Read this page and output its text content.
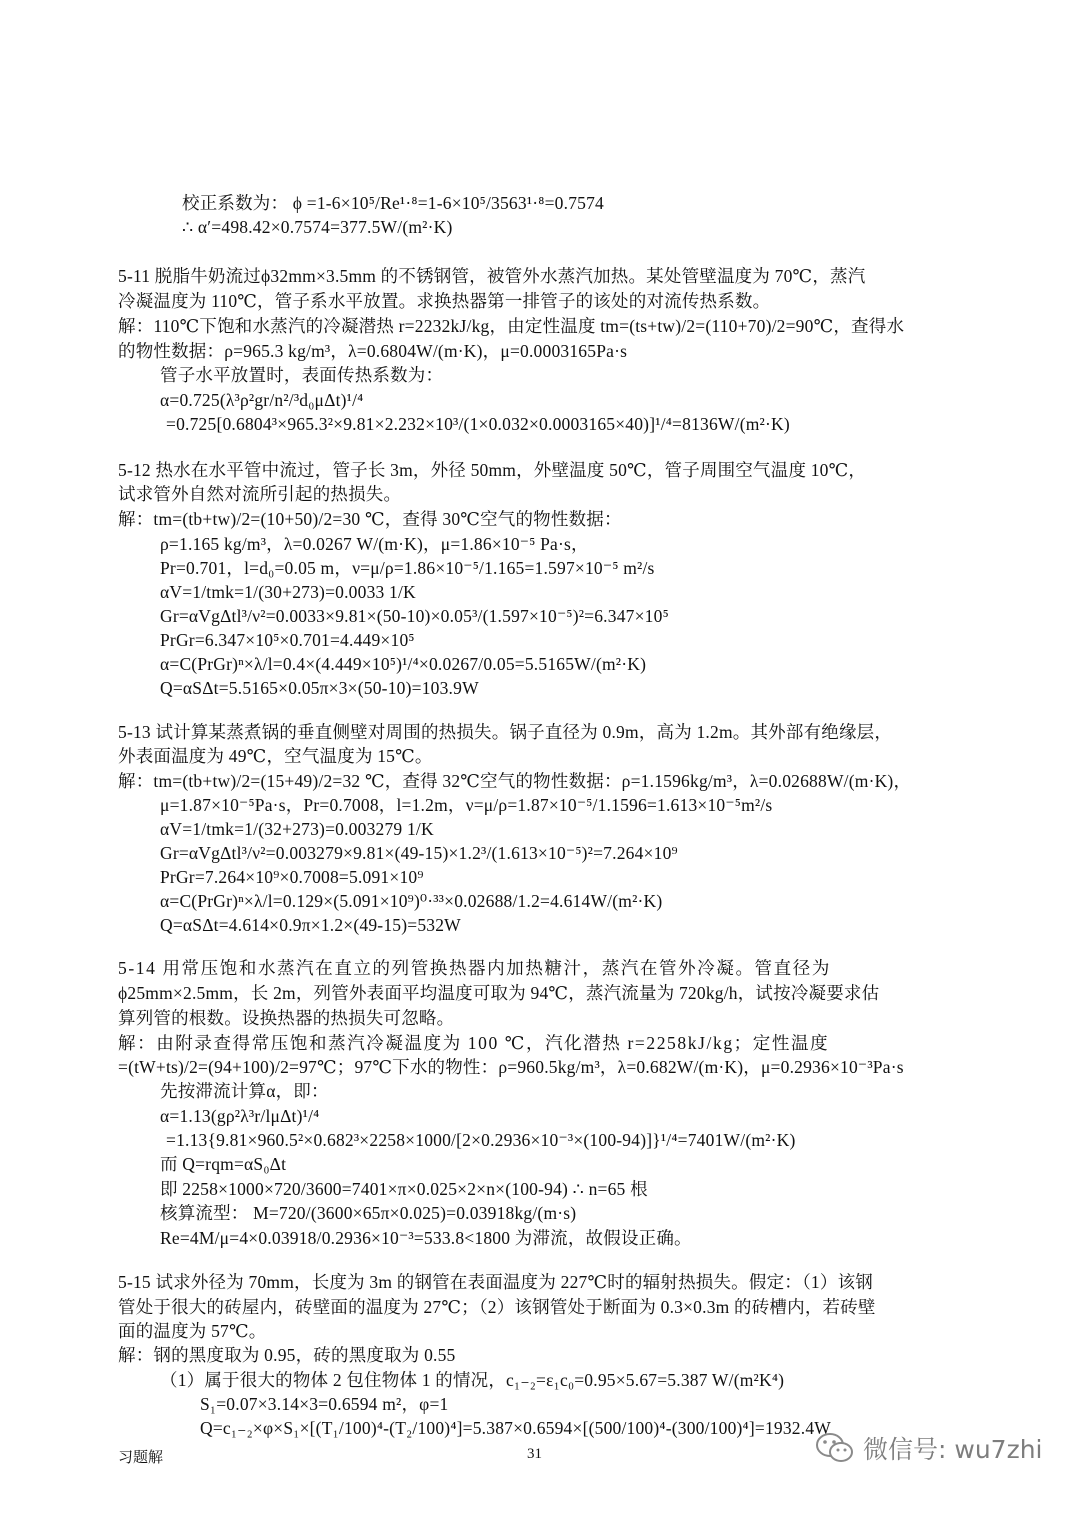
校正系数为： ϕ =1-6×10⁵/Re¹·⁸=1-6×10⁵/3563¹·⁸=0.7574
∴ α′=498.42×0.7574=377.5W/(m²·K)
5-11 脱脂牛奶流过ϕ32mm×3.5mm 的不锈钢管，被管外水蒸汽加热。某处管壁温度为 70℃，蒸汽
冷凝温度为 110℃，管子系水平放置。求换热器第一排管子的该处的对流传热系数。
解：110℃下饱和水蒸汽的冷凝潜热 r=2232kJ/kg，由定性温度 tm=(ts+tw)/2=(110+70)/2=90℃，查得水
的物性数据：ρ=965.3 kg/m³，λ=0.6804W/(m·K)，μ=0.0003165Pa·s
管子水平放置时，表面传热系数为：
α=0.725(λ³ρ²gr/n²/³d₀μΔt)¹/⁴
=0.725[0.6804³×965.3²×9.81×2.232×10³/(1×0.032×0.0003165×40)]¹/⁴=8136W/(m²·K)
5-12 热水在水平管中流过，管子长 3m，外径 50mm，外壁温度 50℃，管子周围空气温度 10℃，
试求管外自然对流所引起的热损失。
解：tm=(tb+tw)/2=(10+50)/2=30 ℃，查得 30℃空气的物性数据：
ρ=1.165 kg/m³，λ=0.0267 W/(m·K)，μ=1.86×10⁻⁵ Pa·s，
Pr=0.701，l=d₀=0.05 m，ν=μ/ρ=1.86×10⁻⁵/1.165=1.597×10⁻⁵ m²/s
αV=1/tmk=1/(30+273)=0.0033 1/K
Gr=αVgΔtl³/ν²=0.0033×9.81×(50-10)×0.05³/(1.597×10⁻⁵)²=6.347×10⁵
PrGr=6.347×10⁵×0.701=4.449×10⁵
α=C(PrGr)ⁿ×λ/l=0.4×(4.449×10⁵)¹/⁴×0.0267/0.05=5.5165W/(m²·K)
Q=αSΔt=5.5165×0.05π×3×(50-10)=103.9W
5-13 试计算某蒸煮锅的垂直侧壁对周围的热损失。锅子直径为 0.9m，高为 1.2m。其外部有绝缘层，
外表面温度为 49℃，空气温度为 15℃。
解：tm=(tb+tw)/2=(15+49)/2=32 ℃，查得 32℃空气的物性数据：ρ=1.1596kg/m³，λ=0.02688W/(m·K)，
μ=1.87×10⁻⁵Pa·s，Pr=0.7008，l=1.2m，ν=μ/ρ=1.87×10⁻⁵/1.1596=1.613×10⁻⁵m²/s
αV=1/tmk=1/(32+273)=0.003279 1/K
Gr=αVgΔtl³/ν²=0.003279×9.81×(49-15)×1.2³/(1.613×10⁻⁵)²=7.264×10⁹
PrGr=7.264×10⁹×0.7008=5.091×10⁹
α=C(PrGr)ⁿ×λ/l=0.129×(5.091×10⁹)⁰·³³×0.02688/1.2=4.614W/(m²·K)
Q=αSΔt=4.614×0.9π×1.2×(49-15)=532W
5-14 用常压饱和水蒸汽在直立的列管换热器内加热糖汁，蒸汽在管外冷凝。管直径为
ϕ25mm×2.5mm，长 2m，列管外表面平均温度可取为 94℃，蒸汽流量为 720kg/h，试按冷凝要求估
算列管的根数。设换热器的热损失可忽略。
解：由附录查得常压饱和蒸汽冷凝温度为 100 ℃，汽化潜热 r=2258kJ/kg；定性温度
=(tW+ts)/2=(94+100)/2=97℃；97℃下水的物性：ρ=960.5kg/m³，λ=0.682W/(m·K)，μ=0.2936×10⁻³Pa·s
先按滞流计算α，即：
α=1.13(gρ²λ³r/lμΔt)¹/⁴
=1.13{9.81×960.5²×0.682³×2258×1000/[2×0.2936×10⁻³×(100-94)]}¹/⁴=7401W/(m²·K)
而 Q=rqm=αS₀Δt
即 2258×1000×720/3600=7401×π×0.025×2×n×(100-94) ∴ n=65 根
核算流型： M=720/(3600×65π×0.025)=0.03918kg/(m·s)
Re=4M/μ=4×0.03918/0.2936×10⁻³=533.8<1800 为滞流，故假设正确。
5-15 试求外径为 70mm，长度为 3m 的钢管在表面温度为 227℃时的辐射热损失。假定：（1）该钢
管处于很大的砖屋内，砖壁面的温度为 27℃；（2）该钢管处于断面为 0.3×0.3m 的砖槽内，若砖壁
面的温度为 57℃。
解：钢的黑度取为 0.95，砖的黑度取为 0.55
（1）属于很大的物体 2 包住物体 1 的情况，c₁₋₂=ε₁c₀=0.95×5.67=5.387 W/(m²K⁴)
S₁=0.07×3.14×3=0.6594 m²，φ=1
Q=c₁₋₂×φ×S₁×[(T₁/100)⁴-(T₂/100)⁴]=5.387×0.6594×[(500/100)⁴-(300/100)⁴]=1932.4W
习题解	31	微信号: wu7zhi
